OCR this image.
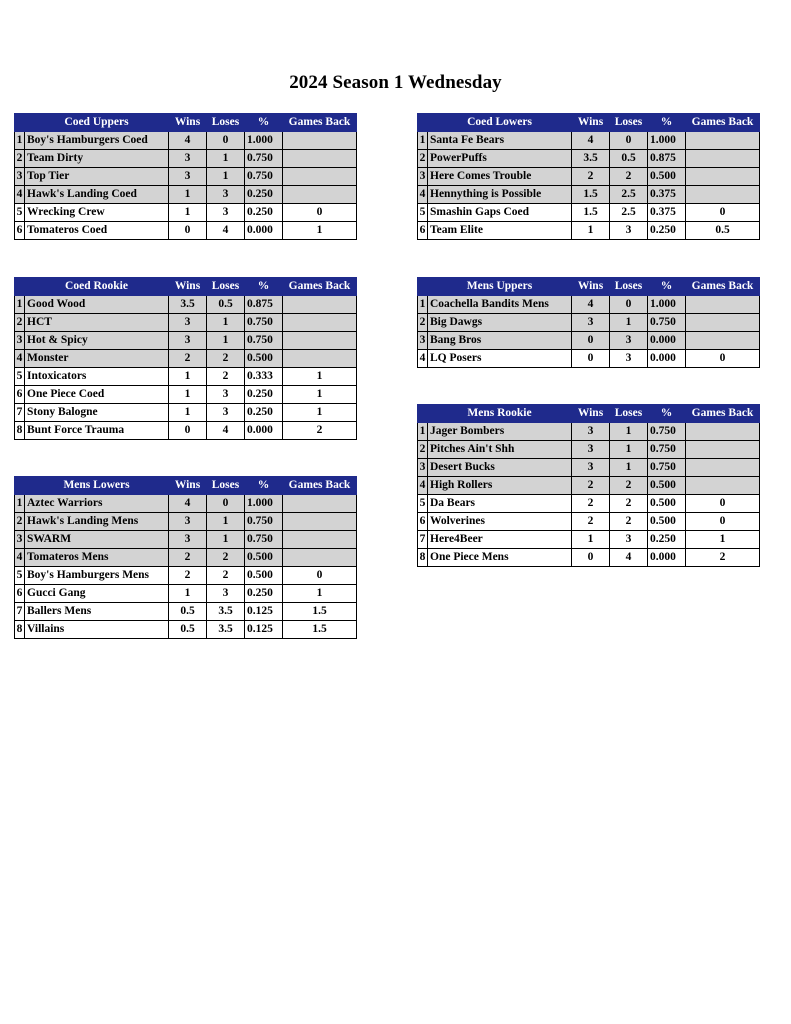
2024 Season 1 Wednesday
	Coed Uppers	Wins	Loses	%	Games Back
1	Boy's Hamburgers Coed	4	0	1.000	
2	Team Dirty	3	1	0.750	
3	Top Tier	3	1	0.750	
4	Hawk's Landing Coed	1	3	0.250	
5	Wrecking Crew	1	3	0.250	0
6	Tomateros Coed	0	4	0.000	1
	Coed Lowers	Wins	Loses	%	Games Back
1	Santa Fe Bears	4	0	1.000	
2	PowerPuffs	3.5	0.5	0.875	
3	Here Comes Trouble	2	2	0.500	
4	Hennything is Possible	1.5	2.5	0.375	
5	Smashin Gaps Coed	1.5	2.5	0.375	0
6	Team Elite	1	3	0.250	0.5
	Coed Rookie	Wins	Loses	%	Games Back
1	Good Wood	3.5	0.5	0.875	
2	HCT	3	1	0.750	
3	Hot & Spicy	3	1	0.750	
4	Monster	2	2	0.500	
5	Intoxicators	1	2	0.333	1
6	One Piece Coed	1	3	0.250	1
7	Stony Balogne	1	3	0.250	1
8	Bunt Force Trauma	0	4	0.000	2
	Mens Uppers	Wins	Loses	%	Games Back
1	Coachella Bandits Mens	4	0	1.000	
2	Big Dawgs	3	1	0.750	
3	Bang Bros	0	3	0.000	
4	LQ Posers	0	3	0.000	0
	Mens Rookie	Wins	Loses	%	Games Back
1	Jager Bombers	3	1	0.750	
2	Pitches Ain't Shh	3	1	0.750	
3	Desert Bucks	3	1	0.750	
4	High Rollers	2	2	0.500	
5	Da Bears	2	2	0.500	0
6	Wolverines	2	2	0.500	0
7	Here4Beer	1	3	0.250	1
8	One Piece Mens	0	4	0.000	2
	Mens Lowers	Wins	Loses	%	Games Back
1	Aztec Warriors	4	0	1.000	
2	Hawk's Landing Mens	3	1	0.750	
3	SWARM	3	1	0.750	
4	Tomateros Mens	2	2	0.500	
5	Boy's Hamburgers Mens	2	2	0.500	0
6	Gucci Gang	1	3	0.250	1
7	Ballers Mens	0.5	3.5	0.125	1.5
8	Villains	0.5	3.5	0.125	1.5
